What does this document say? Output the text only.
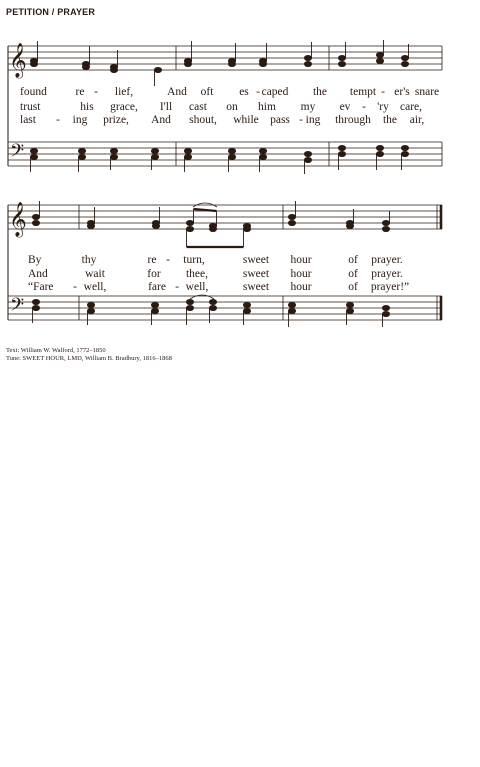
PETITION / PRAYER
𝄞
𝄢
found re - lief,	And oft es - caped the tempt - er's snare
trust	his grace, I'll cast on him my ev - 'ry care,
last - ing prize, And shout, while pass - ing through the air,
𝄞
𝄢
By	thy	re - turn,	sweet hour	of prayer.
And	wait	for thee,	sweet hour	of prayer.
“Fare - well,	fare - well,	sweet hour	of prayer!”
Text: William W. Walford, 1772–1850
Tune: SWEET HOUR, LMD, William B. Bradbury, 1816–1868
